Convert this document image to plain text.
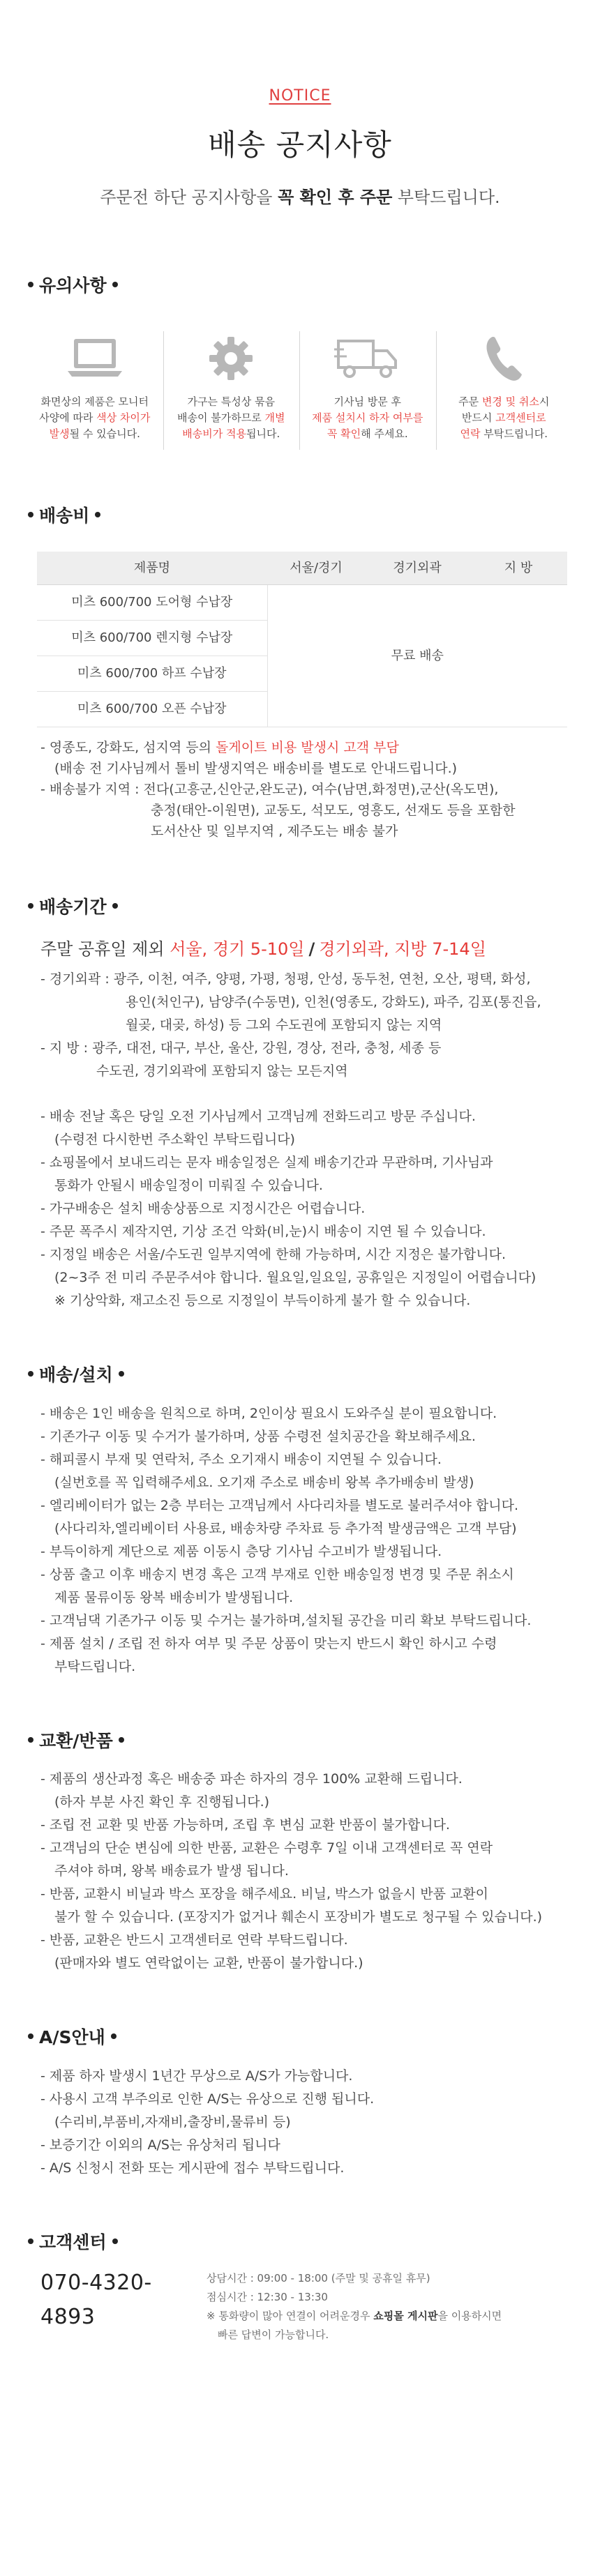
NOTICE
배송 공지사항

주문전 하단 공지사항을 꼭 확인 후 주문 부탁드립니다.

유의사항
화면상의 제품은 모니터
사양에 따라 색상 차이가
발생될 수 있습니다.
가구는 특성상 묶음
배송이 불가하므로 개별
배송비가 적용됩니다.
기사님 방문 후
제품 설치시 하자 여부를
꼭 확인해 주세요.
주문 변경 및 취소시
반드시 고객센터로
연락 부탁드립니다.
배송비
제품명	서울/경기	경기외곽	지 방
미츠 600/700 도어형 수납장	무료 배송		
미츠 600/700 렌지형 수납장			
미츠 600/700 하프 수납장			
미츠 600/700 오픈 수납장			
- 영종도, 강화도, 섬지역 등의 돌게이트 비용 발생시 고객 부담
(배송 전 기사님께서 톨비 발생지역은 배송비를 별도로 안내드립니다.)
- 배송불가 지역 : 전다(고흥군,신안군,완도군), 여수(남면,화정면),군산(옥도면),
충정(태안-이원면), 교동도, 석모도, 영흥도, 선재도 등을 포함한
도서산산 및 일부지역 , 제주도는 배송 불가
배송기간
주말 공휴일 제외 서울, 경기 5-10일 / 경기외곽, 지방 7-14일
- 경기외곽 : 광주, 이천, 여주, 양평, 가평, 청평, 안성, 동두천, 연천, 오산, 평택, 화성,
용인(처인구), 남양주(수동면), 인천(영종도, 강화도), 파주, 김포(통진읍,
월곶, 대곶, 하성) 등 그외 수도권에 포함되지 않는 지역
- 지 방 : 광주, 대전, 대구, 부산, 울산, 강원, 경상, 전라, 충청, 세종 등
수도권, 경기외곽에 포함되지 않는 모든지역
- 배송 전날 혹은 당일 오전 기사님께서 고객님께 전화드리고 방문 주십니다.
(수령전 다시한번 주소확인 부탁드립니다)
- 쇼핑몰에서 보내드리는 문자 배송일정은 실제 배송기간과 무관하며, 기사님과
통화가 안될시 배송일정이 미뤄질 수 있습니다.
- 가구배송은 설치 배송상품으로 지정시간은 어렵습니다.
- 주문 폭주시 제작지연, 기상 조건 악화(비,눈)시 배송이 지연 될 수 있습니다.
- 지정일 배송은 서울/수도권 일부지역에 한해 가능하며, 시간 지정은 불가합니다.
(2~3주 전 미리 주문주셔야 합니다. 월요일,일요일, 공휴일은 지정일이 어렵습니다)
※ 기상악화, 재고소진 등으로 지정일이 부득이하게 불가 할 수 있습니다.
배송/설치
- 배송은 1인 배송을 원칙으로 하며, 2인이상 필요시 도와주실 분이 필요합니다.
- 기존가구 이동 및 수거가 불가하며, 상품 수령전 설치공간을 확보해주세요.
- 해피콜시 부재 및 연락처, 주소 오기재시 배송이 지연될 수 있습니다.
(실번호를 꼭 입력해주세요. 오기재 주소로 배송비 왕복 추가배송비 발생)
- 엘리베이터가 없는 2층 부터는 고객님께서 사다리차를 별도로 불러주셔야 합니다.
(사다리차,엘리베이터 사용료, 배송차량 주차료 등 추가적 발생금액은 고객 부담)
- 부득이하게 계단으로 제품 이동시 층당 기사님 수고비가 발생됩니다.
- 상품 출고 이후 배송지 변경 혹은 고객 부재로 인한 배송일정 변경 및 주문 취소시
제품 물류이동 왕복 배송비가 발생됩니다.
- 고객님댁 기존가구 이동 및 수거는 불가하며,설치될 공간을 미리 확보 부탁드립니다.
- 제품 설치 / 조립 전 하자 여부 및 주문 상품이 맞는지 반드시 확인 하시고 수령
부탁드립니다.
교환/반품
- 제품의 생산과정 혹은 배송중 파손 하자의 경우 100% 교환해 드립니다.
(하자 부분 사진 확인 후 진행됩니다.)
- 조립 전 교환 및 반품 가능하며, 조립 후 변심 교환 반품이 불가합니다.
- 고객님의 단순 변심에 의한 반품, 교환은 수령후 7일 이내 고객센터로 꼭 연락
주셔야 하며, 왕복 배송료가 발생 됩니다.
- 반품, 교환시 비닐과 박스 포장을 해주세요. 비닐, 박스가 없을시 반품 교환이
불가 할 수 있습니다. (포장지가 없거나 훼손시 포장비가 별도로 청구될 수 있습니다.)
- 반품, 교환은 반드시 고객센터로 연락 부탁드립니다.
(판매자와 별도 연락없이는 교환, 반품이 불가합니다.)
A/S안내
- 제품 하자 발생시 1년간 무상으로 A/S가 가능합니다.
- 사용시 고객 부주의로 인한 A/S는 유상으로 진행 됩니다.
(수리비,부품비,자재비,출장비,물류비 등)
- 보증기간 이외의 A/S는 유상처리 됩니다
- A/S 신청시 전화 또는 게시판에 접수 부탁드립니다.
고객센터
070-4320-4893
상담시간 : 09:00 - 18:00 (주말 및 공휴일 휴무)
점심시간 : 12:30 - 13:30
※ 통화량이 많아 연결이 어려운경우 쇼핑몰 게시판을 이용하시면
빠른 답변이 가능합니다.
